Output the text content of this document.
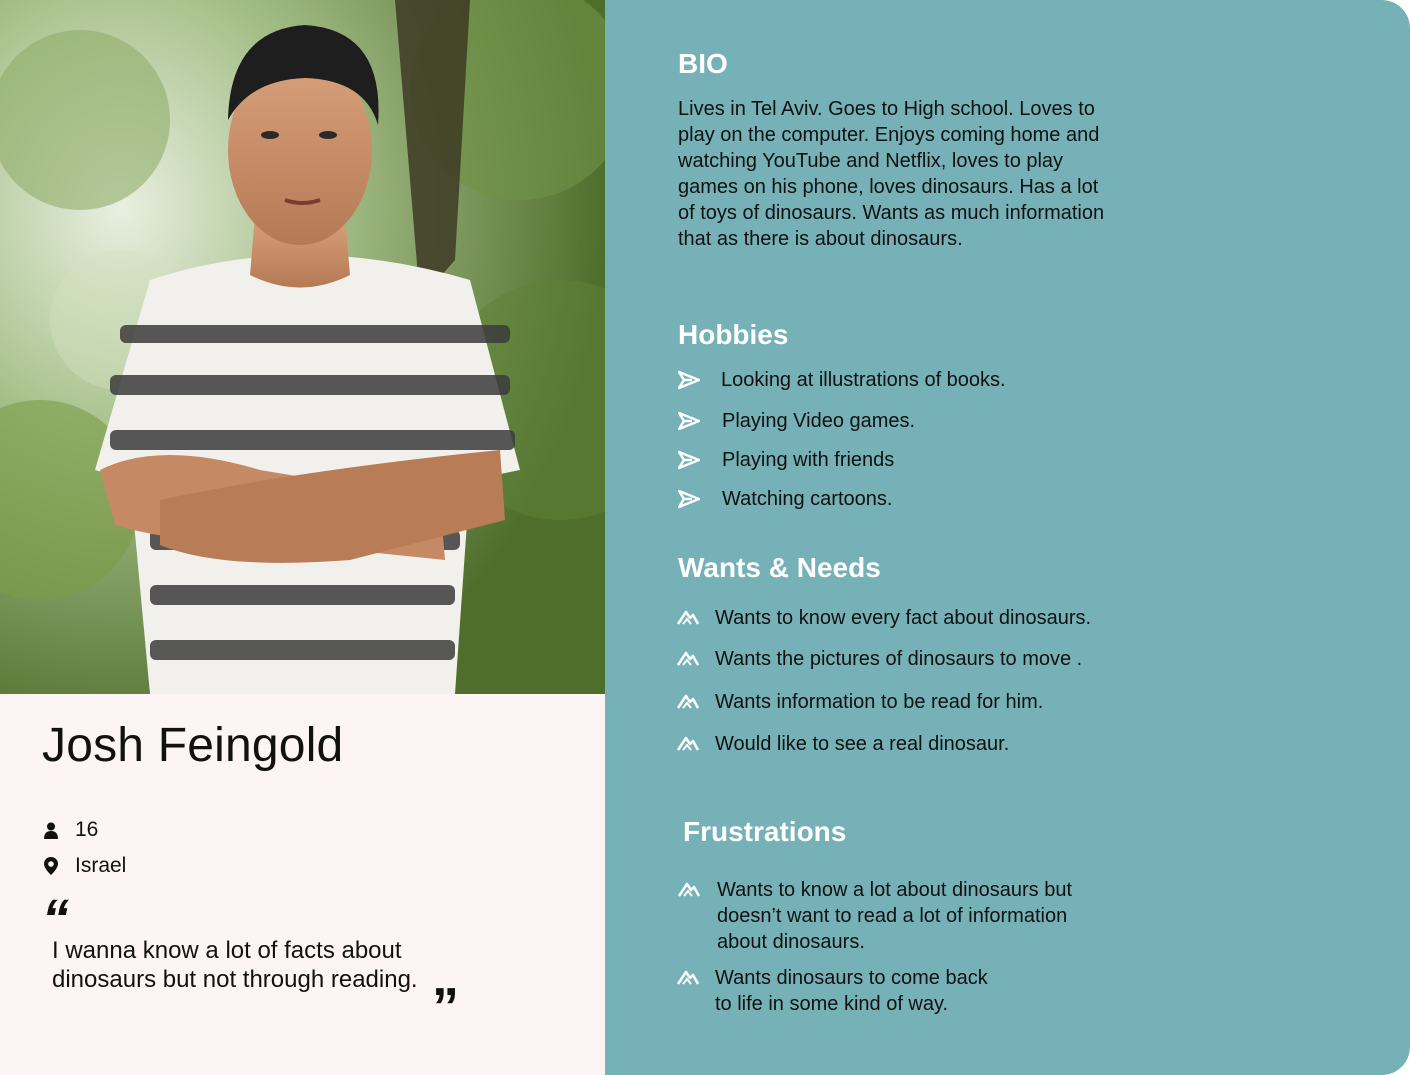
Josh Feingold
16
Israel
“
I wanna know a lot of facts about dinosaurs but not through reading. ”
BIO
Lives in Tel Aviv. Goes to High school. Loves to play on the computer. Enjoys coming home and watching YouTube and Netflix, loves to play games on his phone, loves dinosaurs. Has a lot of toys of dinosaurs. Wants as much information that as there is about dinosaurs.
Hobbies
Looking at illustrations of books.
Playing Video games.
Playing with friends
Watching cartoons.
Wants & Needs
Wants to know every fact about dinosaurs.
Wants the pictures of dinosaurs to move .
Wants information to be read for him.
Would like to see a real dinosaur.
Frustrations
Wants to know a lot about dinosaurs but
doesn’t want to read a lot of information
about dinosaurs.
Wants dinosaurs to come back
to life in some kind of way.
